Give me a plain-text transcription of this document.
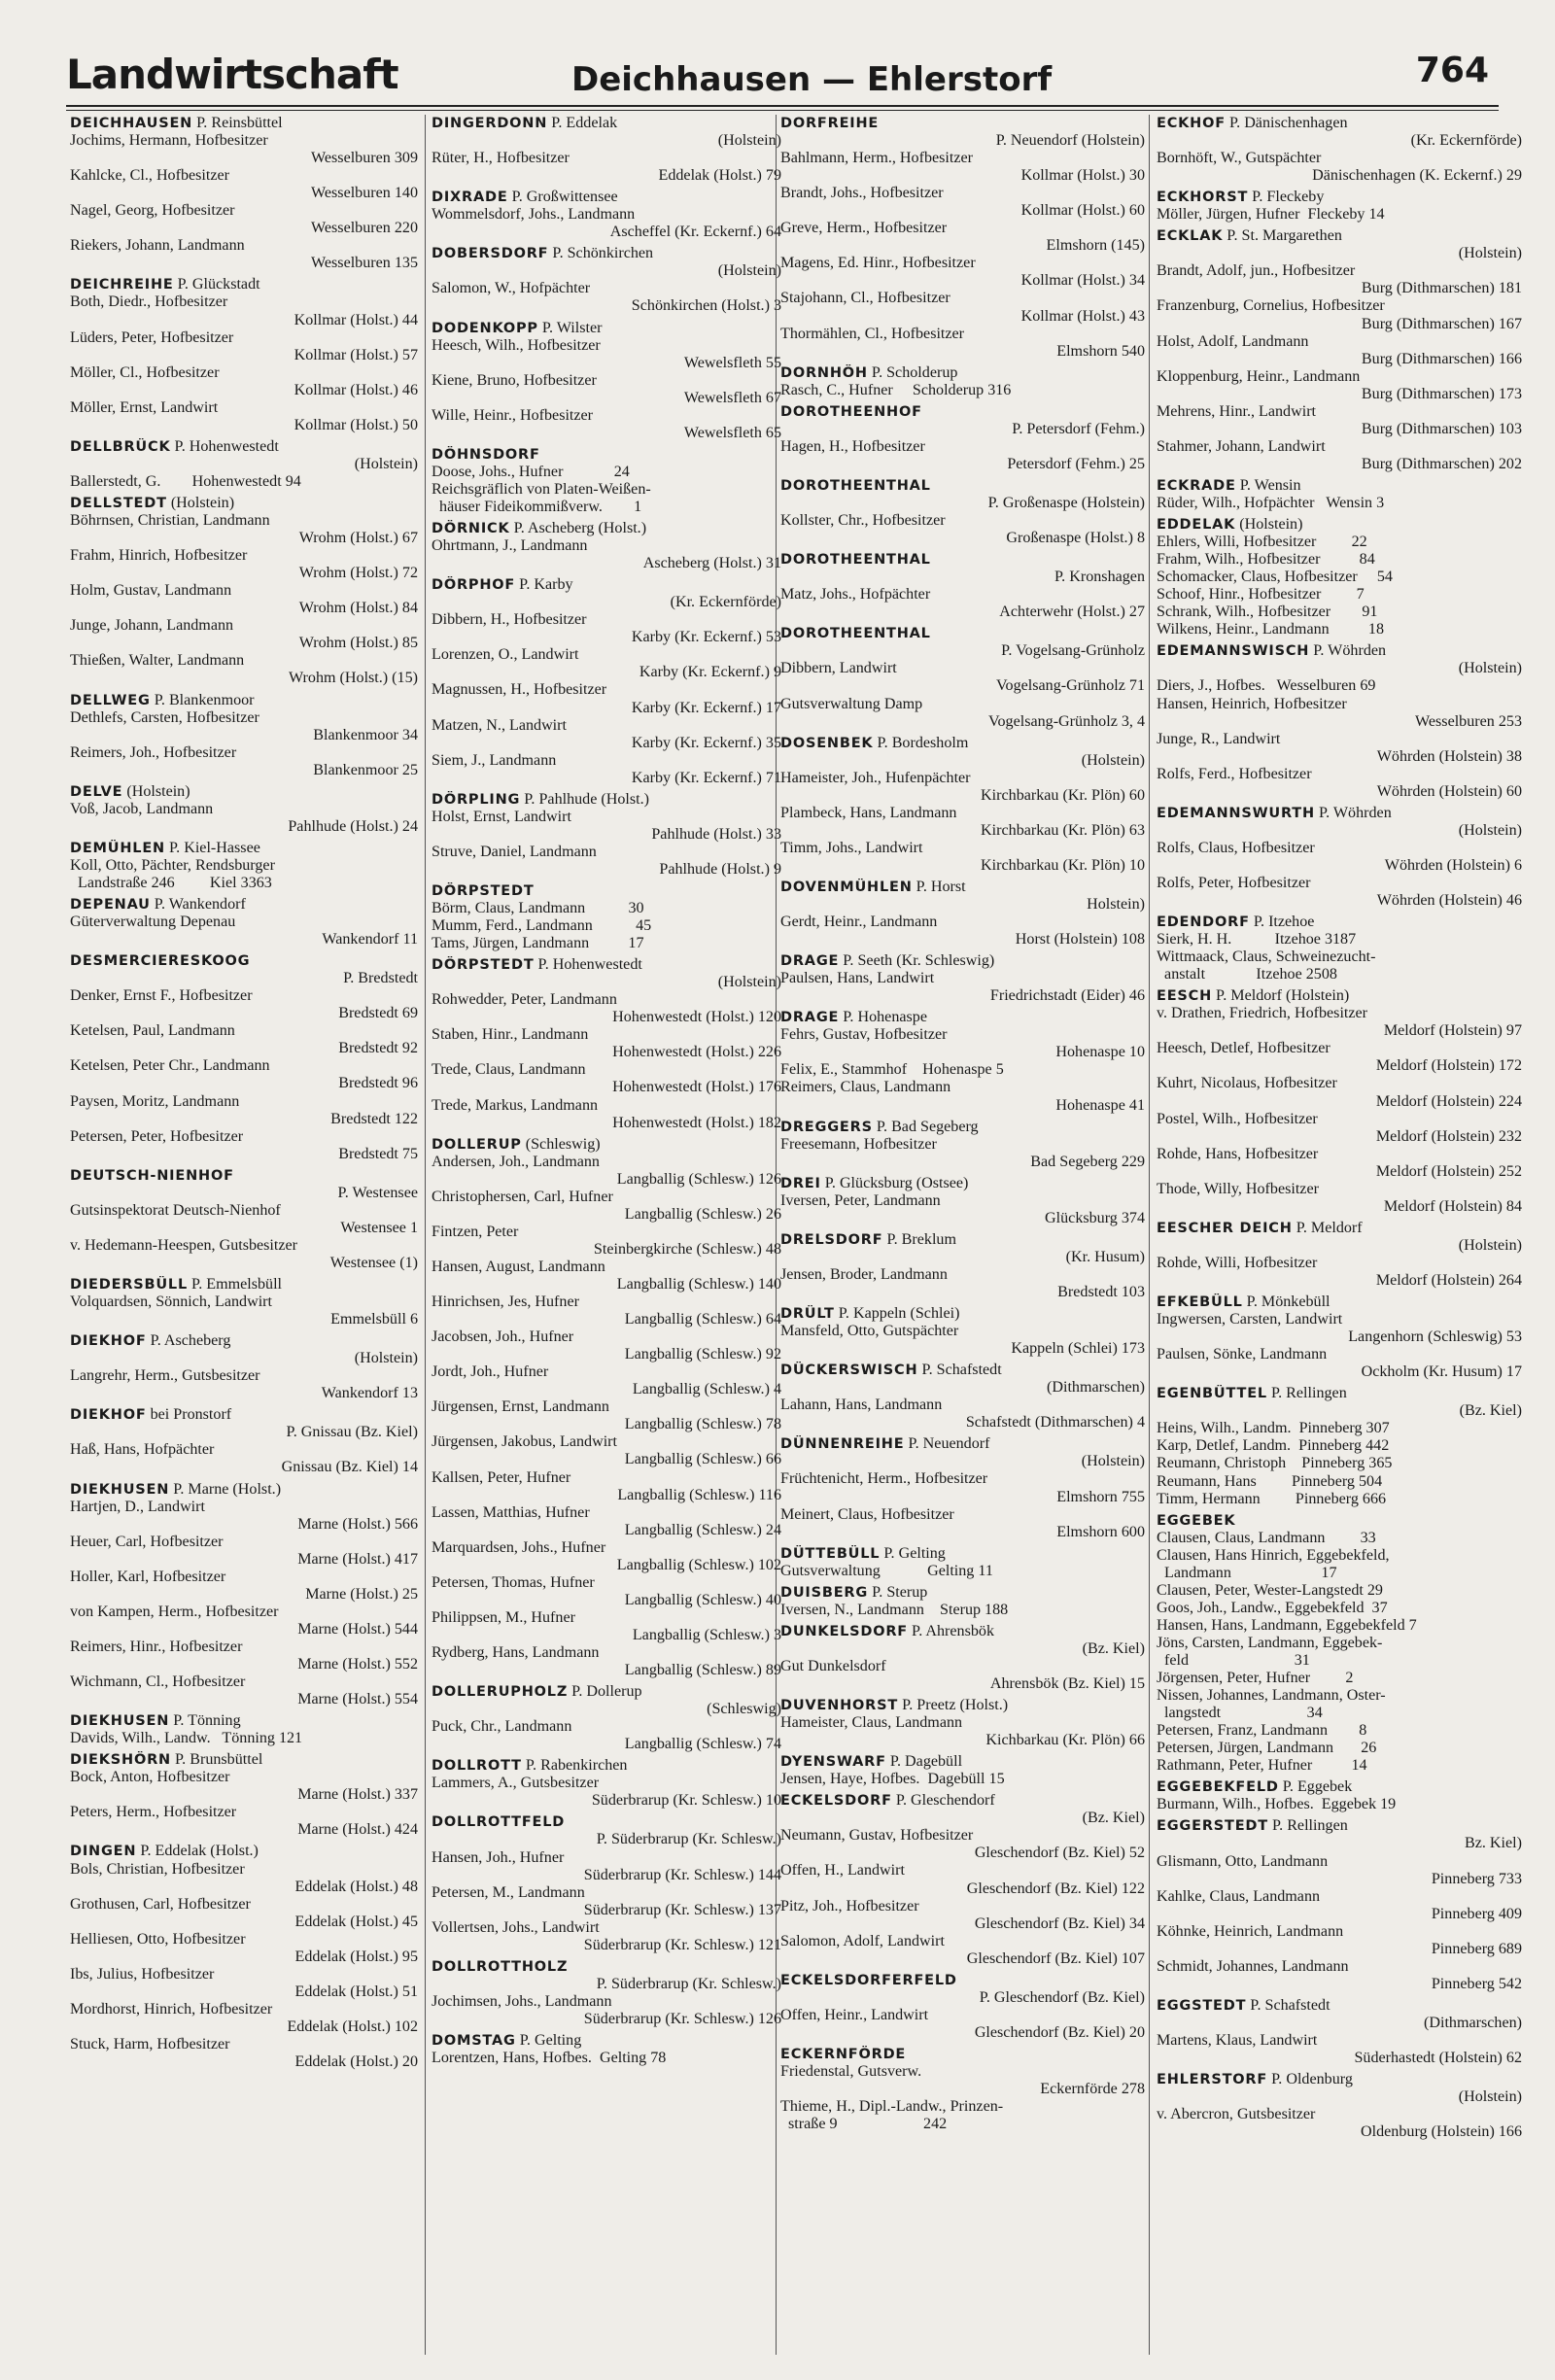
Landwirtschaft	Deichhausen — Ehlerstorf	764
DEICHHAUSEN P. Reinsbüttel
Jochims, Hermann, Hofbesitzer
Wesselburen 309
Kahlcke, Cl., Hofbesitzer
Wesselburen 140
Nagel, Georg, Hofbesitzer
Wesselburen 220
Riekers, Johann, Landmann
Wesselburen 135
DEICHREIHE P. Glückstadt
Both, Diedr., Hofbesitzer
Kollmar (Holst.) 44
Lüders, Peter, Hofbesitzer
Kollmar (Holst.) 57
Möller, Cl., Hofbesitzer
Kollmar (Holst.) 46
Möller, Ernst, Landwirt
Kollmar (Holst.) 50
DELLBRÜCK P. Hohenwestedt
(Holstein)
Ballerstedt, G.        Hohenwestedt 94
DELLSTEDT (Holstein)
Böhrnsen, Christian, Landmann
Wrohm (Holst.) 67
Frahm, Hinrich, Hofbesitzer
Wrohm (Holst.) 72
Holm, Gustav, Landmann
Wrohm (Holst.) 84
Junge, Johann, Landmann
Wrohm (Holst.) 85
Thießen, Walter, Landmann
Wrohm (Holst.) (15)
DELLWEG P. Blankenmoor
Dethlefs, Carsten, Hofbesitzer
Blankenmoor 34
Reimers, Joh., Hofbesitzer
Blankenmoor 25
DELVE (Holstein)
Voß, Jacob, Landmann
Pahlhude (Holst.) 24
DEMÜHLEN P. Kiel-Hassee
Koll, Otto, Pächter, Rendsburger
Landstraße 246         Kiel 3363
DEPENAU P. Wankendorf
Güterverwaltung Depenau
Wankendorf 11
DESMERCIERESKOOG
P. Bredstedt
Denker, Ernst F., Hofbesitzer
Bredstedt 69
Ketelsen, Paul, Landmann
Bredstedt 92
Ketelsen, Peter Chr., Landmann
Bredstedt 96
Paysen, Moritz, Landmann
Bredstedt 122
Petersen, Peter, Hofbesitzer
Bredstedt 75
DEUTSCH-NIENHOF
P. Westensee
Gutsinspektorat Deutsch-Nienhof
Westensee 1
v. Hedemann-Heespen, Gutsbesitzer
Westensee (1)
DIEDERSBÜLL P. Emmelsbüll
Volquardsen, Sönnich, Landwirt
Emmelsbüll 6
DIEKHOF P. Ascheberg
(Holstein)
Langrehr, Herm., Gutsbesitzer
Wankendorf 13
DIEKHOF bei Pronstorf
P. Gnissau (Bz. Kiel)
Haß, Hans, Hofpächter
Gnissau (Bz. Kiel) 14
DIEKHUSEN P. Marne (Holst.)
Hartjen, D., Landwirt
Marne (Holst.) 566
Heuer, Carl, Hofbesitzer
Marne (Holst.) 417
Holler, Karl, Hofbesitzer
Marne (Holst.) 25
von Kampen, Herm., Hofbesitzer
Marne (Holst.) 544
Reimers, Hinr., Hofbesitzer
Marne (Holst.) 552
Wichmann, Cl., Hofbesitzer
Marne (Holst.) 554
DIEKHUSEN P. Tönning
Davids, Wilh., Landw.   Tönning 121
DIEKSHÖRN P. Brunsbüttel
Bock, Anton, Hofbesitzer
Marne (Holst.) 337
Peters, Herm., Hofbesitzer
Marne (Holst.) 424
DINGEN P. Eddelak (Holst.)
Bols, Christian, Hofbesitzer
Eddelak (Holst.) 48
Grothusen, Carl, Hofbesitzer
Eddelak (Holst.) 45
Helliesen, Otto, Hofbesitzer
Eddelak (Holst.) 95
Ibs, Julius, Hofbesitzer
Eddelak (Holst.) 51
Mordhorst, Hinrich, Hofbesitzer
Eddelak (Holst.) 102
Stuck, Harm, Hofbesitzer
Eddelak (Holst.) 20
DINGERDONN P. Eddelak
(Holstein)
Rüter, H., Hofbesitzer
Eddelak (Holst.) 79
DIXRADE P. Großwittensee
Wommelsdorf, Johs., Landmann
Ascheffel (Kr. Eckernf.) 64
DOBERSDORF P. Schönkirchen
(Holstein)
Salomon, W., Hofpächter
Schönkirchen (Holst.) 3
DODENKOPP P. Wilster
Heesch, Wilh., Hofbesitzer
Wewelsfleth 55
Kiene, Bruno, Hofbesitzer
Wewelsfleth 67
Wille, Heinr., Hofbesitzer
Wewelsfleth 65
DÖHNSDORF
Doose, Johs., Hufner             24
Reichsgräflich von Platen-Weißen-
häuser Fideikommißverw.        1
DÖRNICK P. Ascheberg (Holst.)
Ohrtmann, J., Landmann
Ascheberg (Holst.) 31
DÖRPHOF P. Karby
(Kr. Eckernförde)
Dibbern, H., Hofbesitzer
Karby (Kr. Eckernf.) 53
Lorenzen, O., Landwirt
Karby (Kr. Eckernf.) 9
Magnussen, H., Hofbesitzer
Karby (Kr. Eckernf.) 17
Matzen, N., Landwirt
Karby (Kr. Eckernf.) 35
Siem, J., Landmann
Karby (Kr. Eckernf.) 71
DÖRPLING P. Pahlhude (Holst.)
Holst, Ernst, Landwirt
Pahlhude (Holst.) 33
Struve, Daniel, Landmann
Pahlhude (Holst.) 9
DÖRPSTEDT
Börm, Claus, Landmann           30
Mumm, Ferd., Landmann           45
Tams, Jürgen, Landmann          17
DÖRPSTEDT P. Hohenwestedt
(Holstein)
Rohwedder, Peter, Landmann
Hohenwestedt (Holst.) 120
Staben, Hinr., Landmann
Hohenwestedt (Holst.) 226
Trede, Claus, Landmann
Hohenwestedt (Holst.) 176
Trede, Markus, Landmann
Hohenwestedt (Holst.) 182
DOLLERUP (Schleswig)
Andersen, Joh., Landmann
Langballig (Schlesw.) 126
Christophersen, Carl, Hufner
Langballig (Schlesw.) 26
Fintzen, Peter
Steinbergkirche (Schlesw.) 48
Hansen, August, Landmann
Langballig (Schlesw.) 140
Hinrichsen, Jes, Hufner
Langballig (Schlesw.) 64
Jacobsen, Joh., Hufner
Langballig (Schlesw.) 92
Jordt, Joh., Hufner
Langballig (Schlesw.) 4
Jürgensen, Ernst, Landmann
Langballig (Schlesw.) 78
Jürgensen, Jakobus, Landwirt
Langballig (Schlesw.) 66
Kallsen, Peter, Hufner
Langballig (Schlesw.) 116
Lassen, Matthias, Hufner
Langballig (Schlesw.) 24
Marquardsen, Johs., Hufner
Langballig (Schlesw.) 102
Petersen, Thomas, Hufner
Langballig (Schlesw.) 40
Philippsen, M., Hufner
Langballig (Schlesw.) 3
Rydberg, Hans, Landmann
Langballig (Schlesw.) 89
DOLLERUPHOLZ P. Dollerup
(Schleswig)
Puck, Chr., Landmann
Langballig (Schlesw.) 74
DOLLROTT P. Rabenkirchen
Lammers, A., Gutsbesitzer
Süderbrarup (Kr. Schlesw.) 10
DOLLROTTFELD
P. Süderbrarup (Kr. Schlesw.)
Hansen, Joh., Hufner
Süderbrarup (Kr. Schlesw.) 144
Petersen, M., Landmann
Süderbrarup (Kr. Schlesw.) 137
Vollertsen, Johs., Landwirt
Süderbrarup (Kr. Schlesw.) 121
DOLLROTTHOLZ
P. Süderbrarup (Kr. Schlesw.)
Jochimsen, Johs., Landmann
Süderbrarup (Kr. Schlesw.) 126
DOMSTAG P. Gelting
Lorentzen, Hans, Hofbes.  Gelting 78
DORFREIHE
P. Neuendorf (Holstein)
Bahlmann, Herm., Hofbesitzer
Kollmar (Holst.) 30
Brandt, Johs., Hofbesitzer
Kollmar (Holst.) 60
Greve, Herm., Hofbesitzer
Elmshorn (145)
Magens, Ed. Hinr., Hofbesitzer
Kollmar (Holst.) 34
Stajohann, Cl., Hofbesitzer
Kollmar (Holst.) 43
Thormählen, Cl., Hofbesitzer
Elmshorn 540
DORNHÖH P. Scholderup
Rasch, C., Hufner     Scholderup 316
DOROTHEENHOF
P. Petersdorf (Fehm.)
Hagen, H., Hofbesitzer
Petersdorf (Fehm.) 25
DOROTHEENTHAL
P. Großenaspe (Holstein)
Kollster, Chr., Hofbesitzer
Großenaspe (Holst.) 8
DOROTHEENTHAL
P. Kronshagen
Matz, Johs., Hofpächter
Achterwehr (Holst.) 27
DOROTHEENTHAL
P. Vogelsang-Grünholz
Dibbern, Landwirt
Vogelsang-Grünholz 71
Gutsverwaltung Damp
Vogelsang-Grünholz 3, 4
DOSENBEK P. Bordesholm
(Holstein)
Hameister, Joh., Hufenpächter
Kirchbarkau (Kr. Plön) 60
Plambeck, Hans, Landmann
Kirchbarkau (Kr. Plön) 63
Timm, Johs., Landwirt
Kirchbarkau (Kr. Plön) 10
DOVENMÜHLEN P. Horst
Holstein)
Gerdt, Heinr., Landmann
Horst (Holstein) 108
DRAGE P. Seeth (Kr. Schleswig)
Paulsen, Hans, Landwirt
Friedrichstadt (Eider) 46
DRAGE P. Hohenaspe
Fehrs, Gustav, Hofbesitzer
Hohenaspe 10
Felix, E., Stammhof    Hohenaspe 5
Reimers, Claus, Landmann
Hohenaspe 41
DREGGERS P. Bad Segeberg
Freesemann, Hofbesitzer
Bad Segeberg 229
DREI P. Glücksburg (Ostsee)
Iversen, Peter, Landmann
Glücksburg 374
DRELSDORF P. Breklum
(Kr. Husum)
Jensen, Broder, Landmann
Bredstedt 103
DRÜLT P. Kappeln (Schlei)
Mansfeld, Otto, Gutspächter
Kappeln (Schlei) 173
DÜCKERSWISCH P. Schafstedt
(Dithmarschen)
Lahann, Hans, Landmann
Schafstedt (Dithmarschen) 4
DÜNNENREIHE P. Neuendorf
(Holstein)
Früchtenicht, Herm., Hofbesitzer
Elmshorn 755
Meinert, Claus, Hofbesitzer
Elmshorn 600
DÜTTEBÜLL P. Gelting
Gutsverwaltung            Gelting 11
DUISBERG P. Sterup
Iversen, N., Landmann    Sterup 188
DUNKELSDORF P. Ahrensbök
(Bz. Kiel)
Gut Dunkelsdorf
Ahrensbök (Bz. Kiel) 15
DUVENHORST P. Preetz (Holst.)
Hameister, Claus, Landmann
Kichbarkau (Kr. Plön) 66
DYENSWARF P. Dagebüll
Jensen, Haye, Hofbes.  Dagebüll 15
ECKELSDORF P. Gleschendorf
(Bz. Kiel)
Neumann, Gustav, Hofbesitzer
Gleschendorf (Bz. Kiel) 52
Offen, H., Landwirt
Gleschendorf (Bz. Kiel) 122
Pitz, Joh., Hofbesitzer
Gleschendorf (Bz. Kiel) 34
Salomon, Adolf, Landwirt
Gleschendorf (Bz. Kiel) 107
ECKELSDORFERFELD
P. Gleschendorf (Bz. Kiel)
Offen, Heinr., Landwirt
Gleschendorf (Bz. Kiel) 20
ECKERNFÖRDE
Friedenstal, Gutsverw.
Eckernförde 278
Thieme, H., Dipl.-Landw., Prinzen-
straße 9                      242
ECKHOF P. Dänischenhagen
(Kr. Eckernförde)
Bornhöft, W., Gutspächter
Dänischenhagen (K. Eckernf.) 29
ECKHORST P. Fleckeby
Möller, Jürgen, Hufner  Fleckeby 14
ECKLAK P. St. Margarethen
(Holstein)
Brandt, Adolf, jun., Hofbesitzer
Burg (Dithmarschen) 181
Franzenburg, Cornelius, Hofbesitzer
Burg (Dithmarschen) 167
Holst, Adolf, Landmann
Burg (Dithmarschen) 166
Kloppenburg, Heinr., Landmann
Burg (Dithmarschen) 173
Mehrens, Hinr., Landwirt
Burg (Dithmarschen) 103
Stahmer, Johann, Landwirt
Burg (Dithmarschen) 202
ECKRADE P. Wensin
Rüder, Wilh., Hofpächter   Wensin 3
EDDELAK (Holstein)
Ehlers, Willi, Hofbesitzer         22
Frahm, Wilh., Hofbesitzer          84
Schomacker, Claus, Hofbesitzer     54
Schoof, Hinr., Hofbesitzer         7
Schrank, Wilh., Hofbesitzer        91
Wilkens, Heinr., Landmann          18
EDEMANNSWISCH P. Wöhrden
(Holstein)
Diers, J., Hofbes.   Wesselburen 69
Hansen, Heinrich, Hofbesitzer
Wesselburen 253
Junge, R., Landwirt
Wöhrden (Holstein) 38
Rolfs, Ferd., Hofbesitzer
Wöhrden (Holstein) 60
EDEMANNSWURTH P. Wöhrden
(Holstein)
Rolfs, Claus, Hofbesitzer
Wöhrden (Holstein) 6
Rolfs, Peter, Hofbesitzer
Wöhrden (Holstein) 46
EDENDORF P. Itzehoe
Sierk, H. H.           Itzehoe 3187
Wittmaack, Claus, Schweinezucht-
anstalt             Itzehoe 2508
EESCH P. Meldorf (Holstein)
v. Drathen, Friedrich, Hofbesitzer
Meldorf (Holstein) 97
Heesch, Detlef, Hofbesitzer
Meldorf (Holstein) 172
Kuhrt, Nicolaus, Hofbesitzer
Meldorf (Holstein) 224
Postel, Wilh., Hofbesitzer
Meldorf (Holstein) 232
Rohde, Hans, Hofbesitzer
Meldorf (Holstein) 252
Thode, Willy, Hofbesitzer
Meldorf (Holstein) 84
EESCHER DEICH P. Meldorf
(Holstein)
Rohde, Willi, Hofbesitzer
Meldorf (Holstein) 264
EFKEBÜLL P. Mönkebüll
Ingwersen, Carsten, Landwirt
Langenhorn (Schleswig) 53
Paulsen, Sönke, Landmann
Ockholm (Kr. Husum) 17
EGENBÜTTEL P. Rellingen
(Bz. Kiel)
Heins, Wilh., Landm.  Pinneberg 307
Karp, Detlef, Landm.  Pinneberg 442
Reumann, Christoph    Pinneberg 365
Reumann, Hans         Pinneberg 504
Timm, Hermann         Pinneberg 666
EGGEBEK
Clausen, Claus, Landmann         33
Clausen, Hans Hinrich, Eggebekfeld,
Landmann                       17
Clausen, Peter, Wester-Langstedt 29
Goos, Joh., Landw., Eggebekfeld  37
Hansen, Hans, Landmann, Eggebekfeld 7
Jöns, Carsten, Landmann, Eggebek-
feld                           31
Jörgensen, Peter, Hufner         2
Nissen, Johannes, Landmann, Oster-
langstedt                      34
Petersen, Franz, Landmann        8
Petersen, Jürgen, Landmann       26
Rathmann, Peter, Hufner          14
EGGEBEKFELD P. Eggebek
Burmann, Wilh., Hofbes.  Eggebek 19
EGGERSTEDT P. Rellingen
Bz. Kiel)
Glismann, Otto, Landmann
Pinneberg 733
Kahlke, Claus, Landmann
Pinneberg 409
Köhnke, Heinrich, Landmann
Pinneberg 689
Schmidt, Johannes, Landmann
Pinneberg 542
EGGSTEDT P. Schafstedt
(Dithmarschen)
Martens, Klaus, Landwirt
Süderhastedt (Holstein) 62
EHLERSTORF P. Oldenburg
(Holstein)
v. Abercron, Gutsbesitzer
Oldenburg (Holstein) 166
